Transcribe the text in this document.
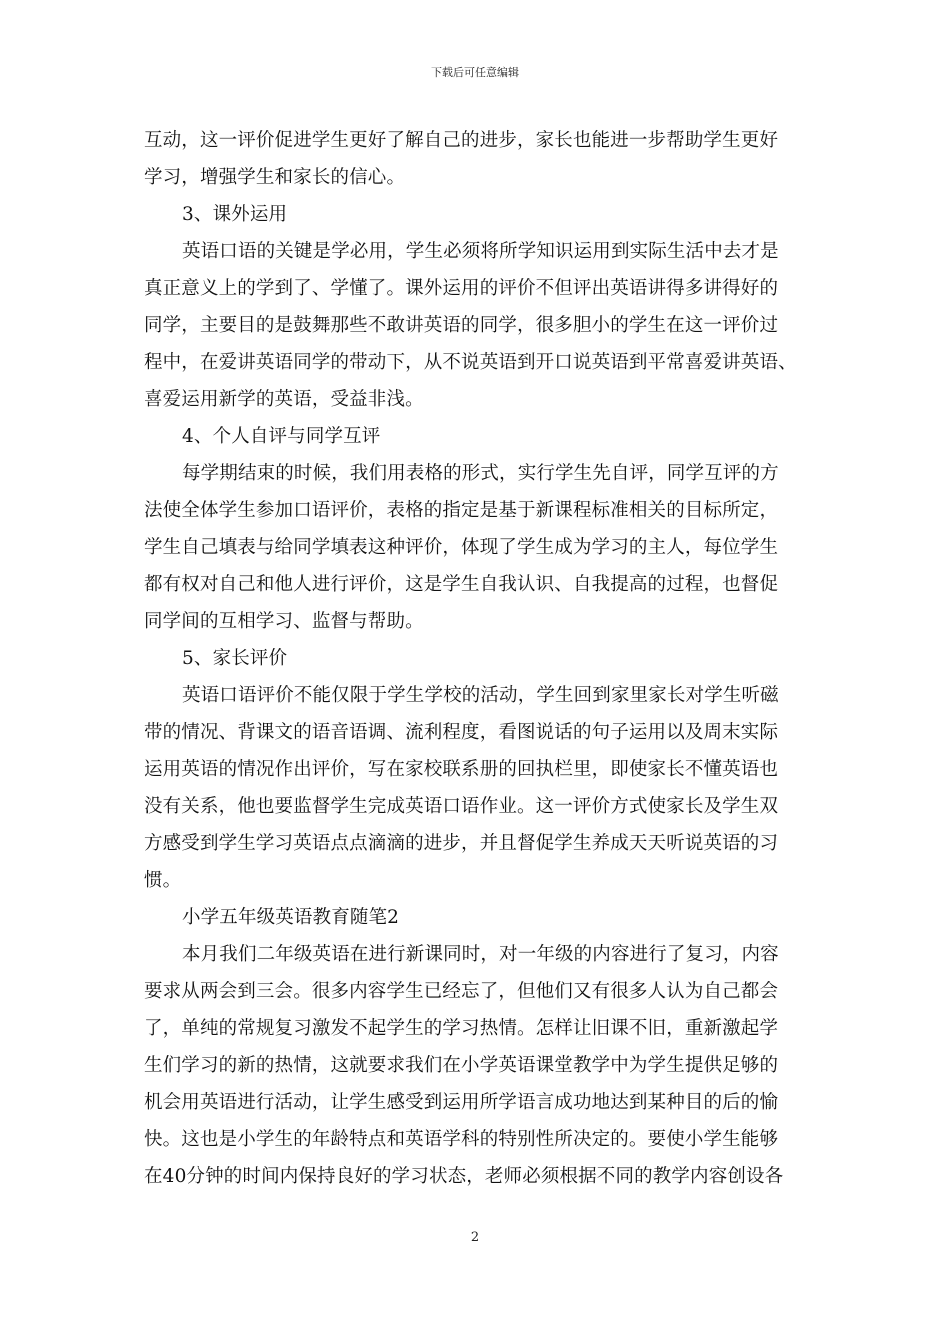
下载后可任意编辑
互动，这一评价促进学生更好了解自己的进步，家长也能进一步帮助学生更好
学习，增强学生和家长的信心。
3、课外运用
英语口语的关键是学必用，学生必须将所学知识运用到实际生活中去才是
真正意义上的学到了、学懂了。课外运用的评价不但评出英语讲得多讲得好的
同学，主要目的是鼓舞那些不敢讲英语的同学，很多胆小的学生在这一评价过
程中，在爱讲英语同学的带动下，从不说英语到开口说英语到平常喜爱讲英语、
喜爱运用新学的英语，受益非浅。
4、个人自评与同学互评
每学期结束的时候，我们用表格的形式，实行学生先自评，同学互评的方
法使全体学生参加口语评价，表格的指定是基于新课程标准相关的目标所定，
学生自己填表与给同学填表这种评价，体现了学生成为学习的主人，每位学生
都有权对自己和他人进行评价，这是学生自我认识、自我提高的过程，也督促
同学间的互相学习、监督与帮助。
5、家长评价
英语口语评价不能仅限于学生学校的活动，学生回到家里家长对学生听磁
带的情况、背课文的语音语调、流利程度，看图说话的句子运用以及周末实际
运用英语的情况作出评价，写在家校联系册的回执栏里，即使家长不懂英语也
没有关系，他也要监督学生完成英语口语作业。这一评价方式使家长及学生双
方感受到学生学习英语点点滴滴的进步，并且督促学生养成天天听说英语的习
惯。
小学五年级英语教育随笔2
本月我们二年级英语在进行新课同时，对一年级的内容进行了复习，内容
要求从两会到三会。很多内容学生已经忘了，但他们又有很多人认为自己都会
了，单纯的常规复习激发不起学生的学习热情。怎样让旧课不旧，重新激起学
生们学习的新的热情，这就要求我们在小学英语课堂教学中为学生提供足够的
机会用英语进行活动，让学生感受到运用所学语言成功地达到某种目的后的愉
快。这也是小学生的年龄特点和英语学科的特别性所决定的。要使小学生能够
在40分钟的时间内保持良好的学习状态，老师必须根据不同的教学内容创设各
2
